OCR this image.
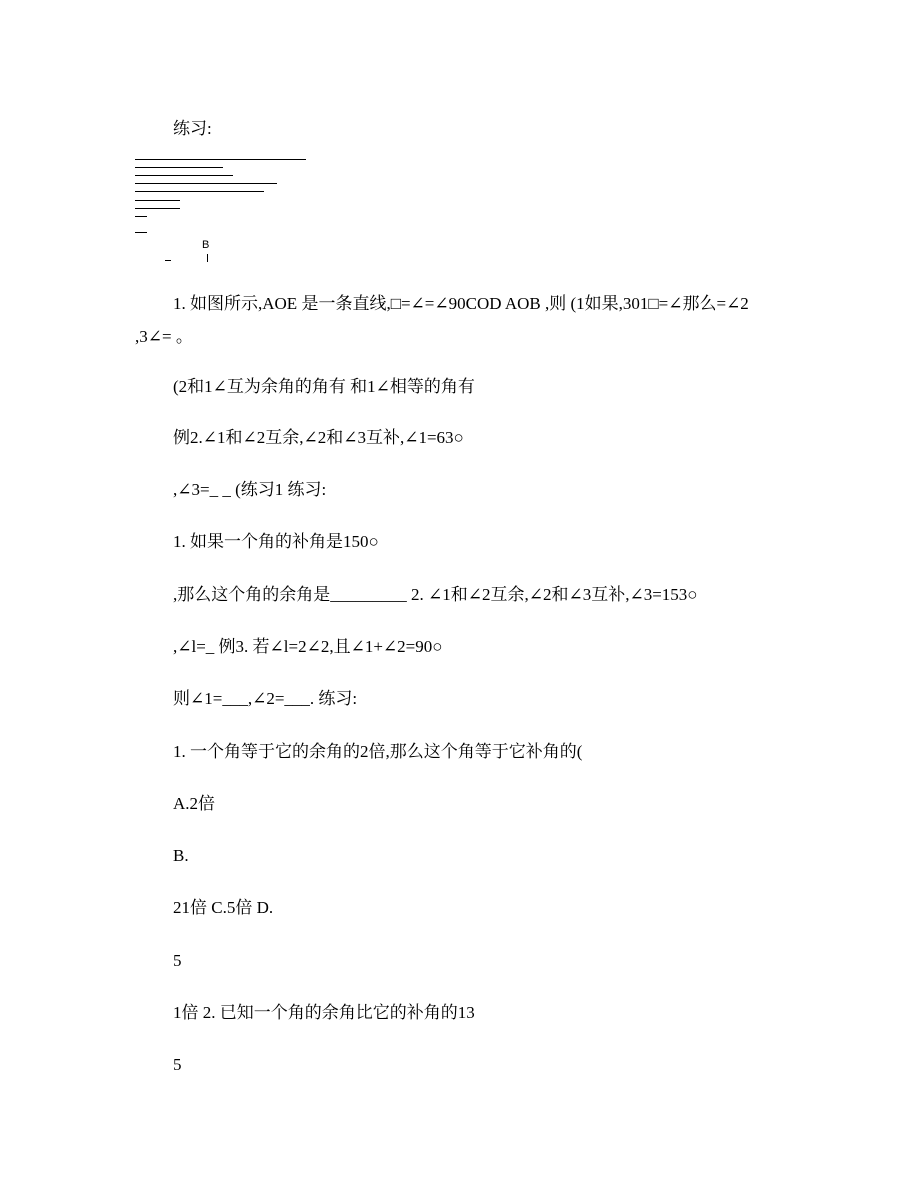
练习:
B
1. 如图所示,AOE 是一条直线,□=∠=∠90COD AOB ,则 (1如果,301□=∠那么=∠2
,3∠= 。
(2和1∠互为余角的角有 和1∠相等的角有
例2.∠1和∠2互余,∠2和∠3互补,∠1=63○
,∠3=_ _ (练习1 练习:
1. 如果一个角的补角是150○
,那么这个角的余角是_________ 2. ∠1和∠2互余,∠2和∠3互补,∠3=153○
,∠l=_ 例3. 若∠l=2∠2,且∠1+∠2=90○
则∠1=___,∠2=___. 练习:
1. 一个角等于它的余角的2倍,那么这个角等于它补角的(
A.2倍
B.
21倍 C.5倍 D.
5
1倍 2. 已知一个角的余角比它的补角的13
5
